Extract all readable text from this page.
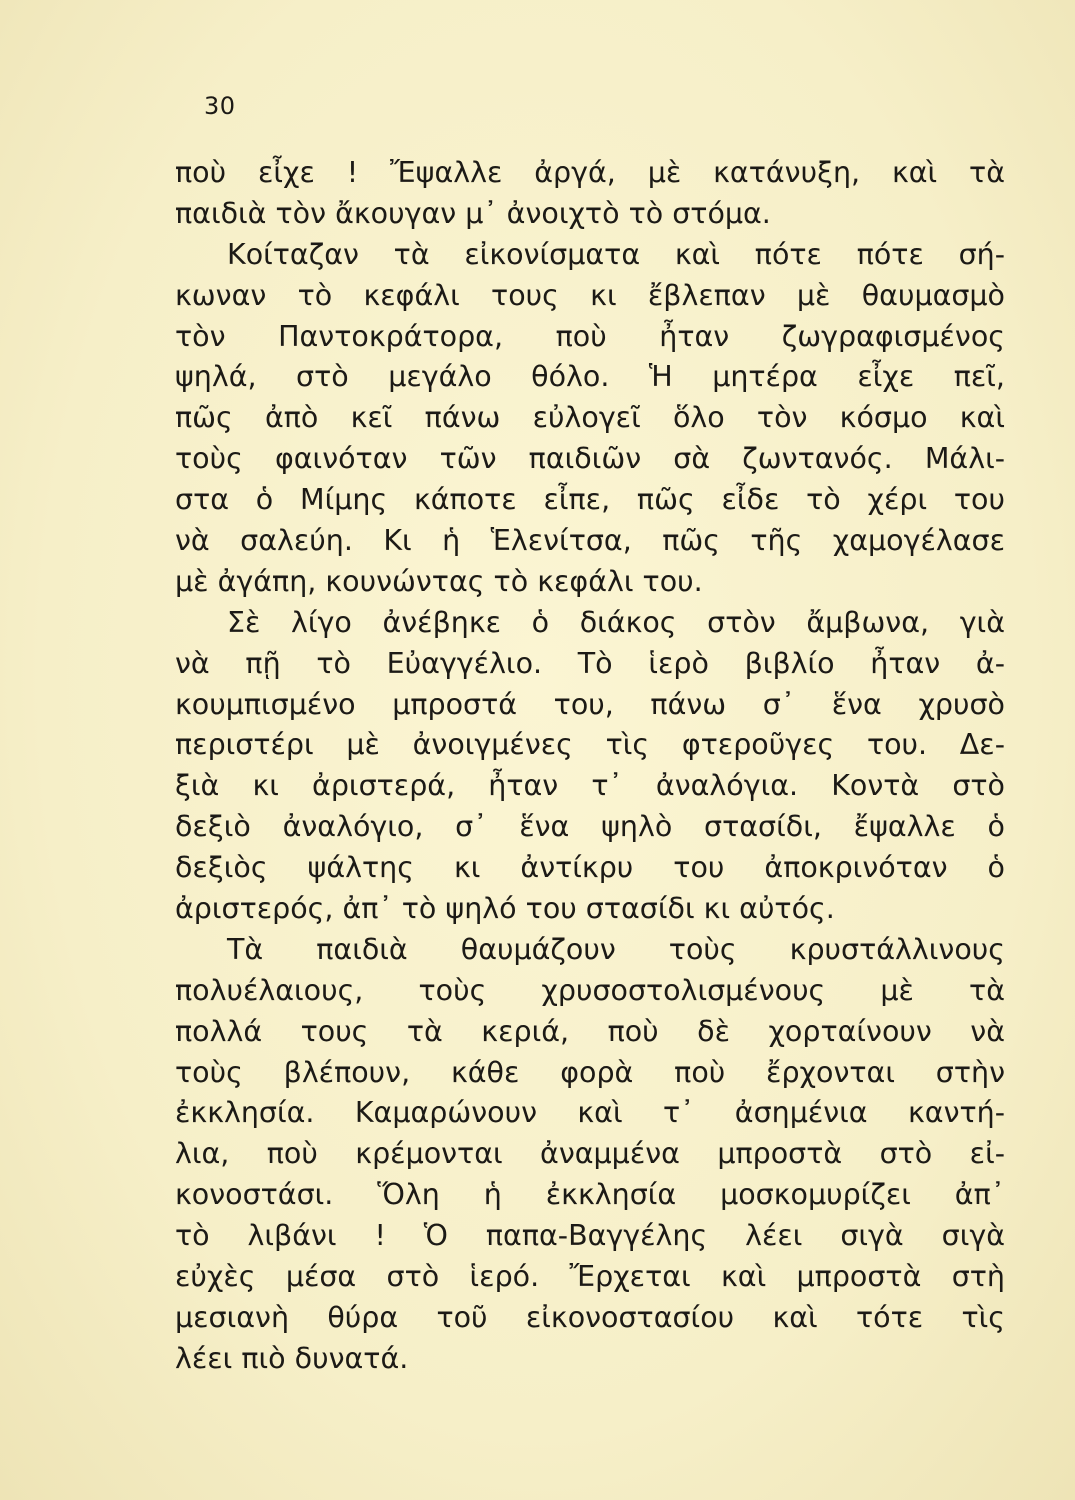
30
ποὺ εἶχε ! Ἔψαλλε ἀργά, μὲ κατάνυξη, καὶ τὰ
παιδιὰ τὸν ἄκουγαν μ᾽ ἀνοιχτὸ τὸ στόμα.
Κοίταζαν τὰ εἰκονίσματα καὶ πότε πότε σή-
κωναν τὸ κεφάλι τους κι ἔβλεπαν μὲ θαυμασμὸ
τὸν Παντοκράτορα, ποὺ ἦταν ζωγραφισμένος
ψηλά, στὸ μεγάλο θόλο. Ἡ μητέρα εἶχε πεῖ,
πῶς ἀπὸ κεῖ πάνω εὐλογεῖ ὅλο τὸν κόσμο καὶ
τοὺς φαινόταν τῶν παιδιῶν σὰ ζωντανός. Μάλι-
στα ὁ Μίμης κάποτε εἶπε, πῶς εἶδε τὸ χέρι του
νὰ σαλεύη. Κι ἡ Ἑλενίτσα, πῶς τῆς χαμογέλασε
μὲ ἀγάπη, κουνώντας τὸ κεφάλι του.
Σὲ λίγο ἀνέβηκε ὁ διάκος στὸν ἄμβωνα, γιὰ
νὰ πῇ τὸ Εὐαγγέλιο. Τὸ ἱερὸ βιβλίο ἦταν ἀ-
κουμπισμένο μπροστά του, πάνω σ᾽ ἕνα χρυσὸ
περιστέρι μὲ ἀνοιγμένες τὶς φτεροῦγες του. Δε-
ξιὰ κι ἀριστερά, ἦταν τ᾽ ἀναλόγια. Κοντὰ στὸ
δεξιὸ ἀναλόγιο, σ᾽ ἕνα ψηλὸ στασίδι, ἔψαλλε ὁ
δεξιὸς ψάλτης κι ἀντίκρυ του ἀποκρινόταν ὁ
ἀριστερός, ἀπ᾽ τὸ ψηλό του στασίδι κι αὐτός.
Τὰ παιδιὰ θαυμάζουν τοὺς κρυστάλλινους
πολυέλαιους, τοὺς χρυσοστολισμένους μὲ τὰ
πολλά τους τὰ κεριά, ποὺ δὲ χορταίνουν νὰ
τοὺς βλέπουν, κάθε φορὰ ποὺ ἔρχονται στὴν
ἐκκλησία. Καμαρώνουν καὶ τ᾽ ἀσημένια καντή-
λια, ποὺ κρέμονται ἀναμμένα μπροστὰ στὸ εἰ-
κονοστάσι. Ὅλη ἡ ἐκκλησία μοσκομυρίζει ἀπ᾽
τὸ λιβάνι ! Ὁ παπα-Βαγγέλης λέει σιγὰ σιγὰ
εὐχὲς μέσα στὸ ἱερό. Ἔρχεται καὶ μπροστὰ στὴ
μεσιανὴ θύρα τοῦ εἰκονοστασίου καὶ τότε τὶς
λέει πιὸ δυνατά.
